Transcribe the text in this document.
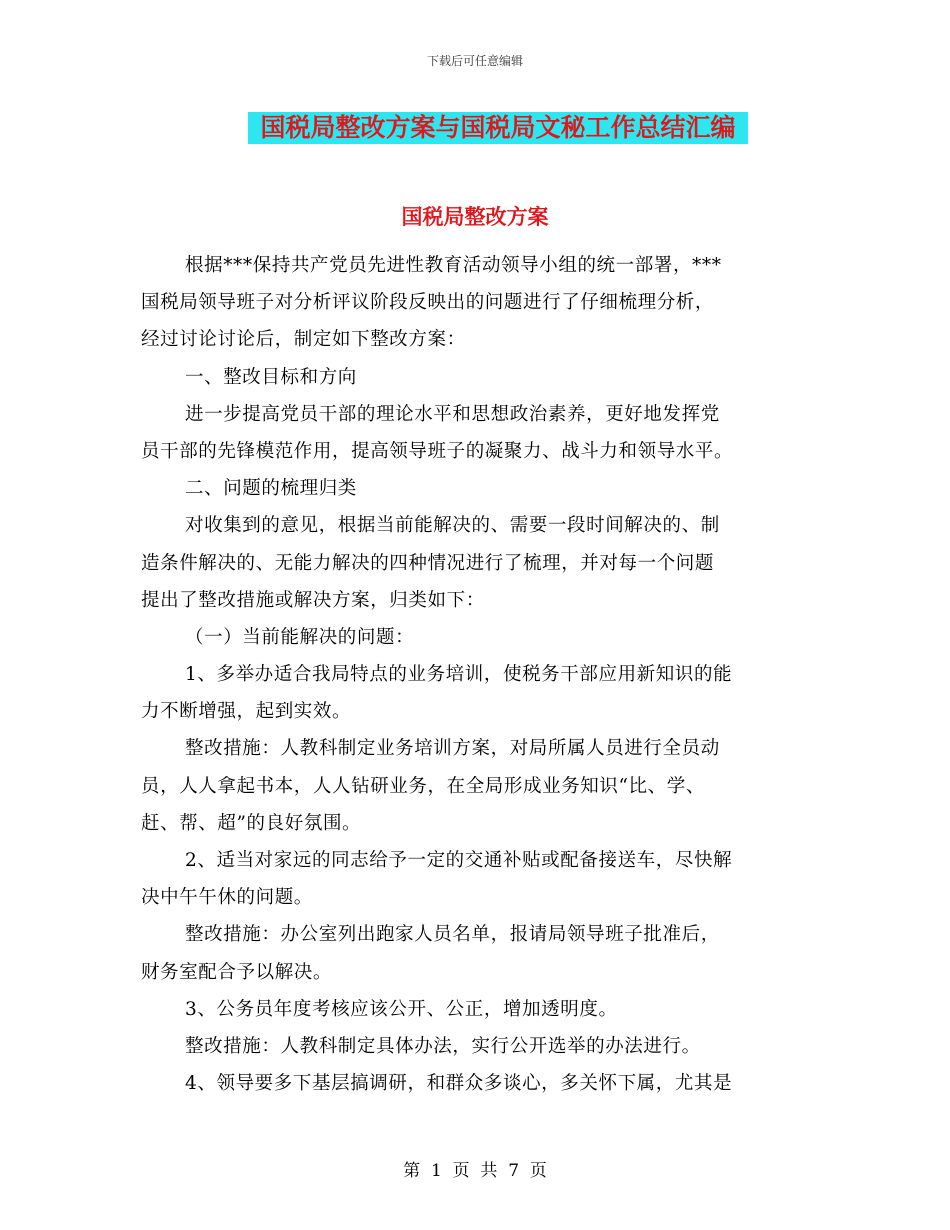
下载后可任意编辑
国税局整改方案与国税局文秘工作总结汇编
国税局整改方案
根据***保持共产党员先进性教育活动领导小组的统一部署，***
国税局领导班子对分析评议阶段反映出的问题进行了仔细梳理分析，
经过讨论讨论后，制定如下整改方案：
一、整改目标和方向
进一步提高党员干部的理论水平和思想政治素养，更好地发挥党
员干部的先锋模范作用，提高领导班子的凝聚力、战斗力和领导水平。
二、问题的梳理归类
对收集到的意见，根据当前能解决的、需要一段时间解决的、制
造条件解决的、无能力解决的四种情况进行了梳理，并对每一个问题
提出了整改措施或解决方案，归类如下：
（一）当前能解决的问题：
1、多举办适合我局特点的业务培训，使税务干部应用新知识的能
力不断增强，起到实效。
整改措施：人教科制定业务培训方案，对局所属人员进行全员动
员，人人拿起书本，人人钻研业务，在全局形成业务知识“比、学、
赶、帮、超”的良好氛围。
2、适当对家远的同志给予一定的交通补贴或配备接送车，尽快解
决中午午休的问题。
整改措施：办公室列出跑家人员名单，报请局领导班子批准后，
财务室配合予以解决。
3、公务员年度考核应该公开、公正，增加透明度。
整改措施：人教科制定具体办法，实行公开选举的办法进行。
4、领导要多下基层搞调研，和群众多谈心，多关怀下属，尤其是
第  1  页  共  7  页
